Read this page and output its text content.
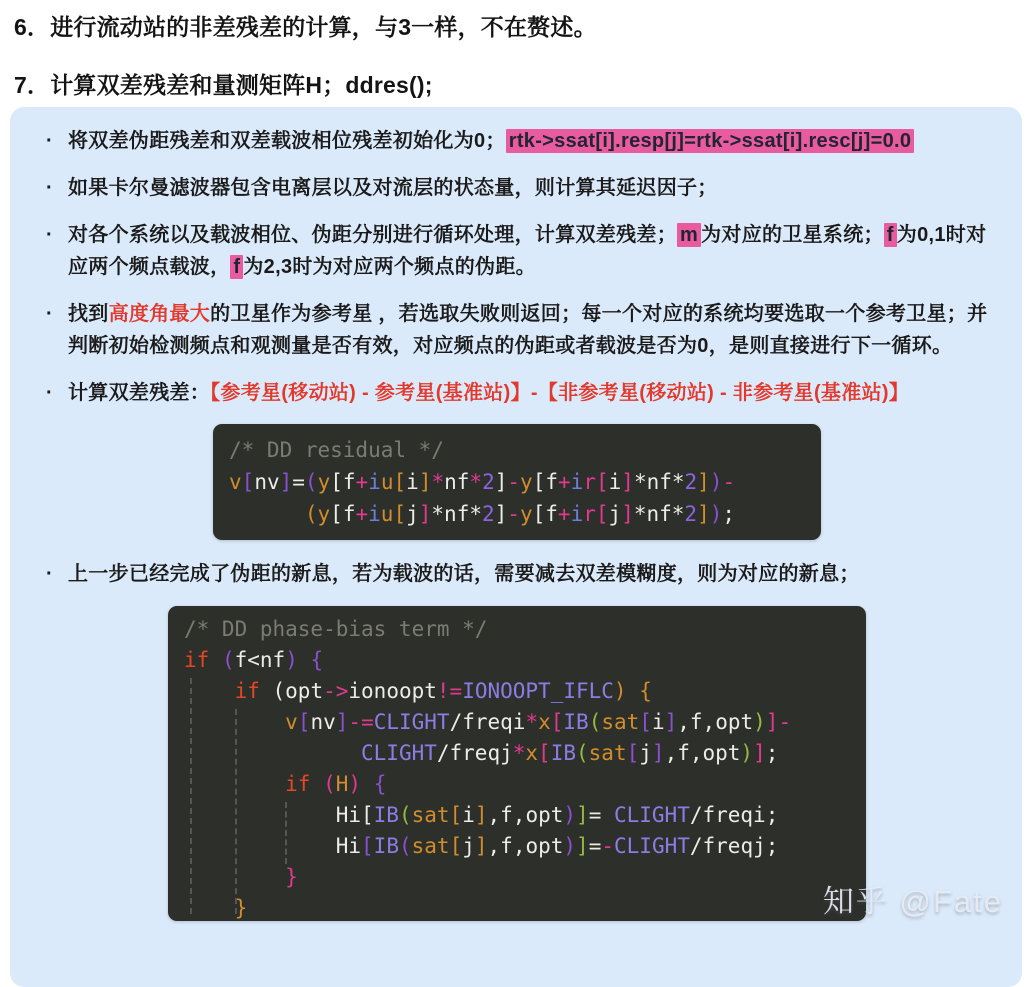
6．进行流动站的非差残差的计算，与3一样，不在赘述。
7．计算双差残差和量测矩阵H；ddres();
· 将双差伪距残差和双差载波相位残差初始化为0； rtk->ssat[i].resp[j]=rtk->ssat[i].resc[j]=0.0
· 如果卡尔曼滤波器包含电离层以及对流层的状态量，则计算其延迟因子；
· 对各个系统以及载波相位、伪距分别进行循环处理，计算双差残差； m 为对应的卫星系统； f 为0,1时对应两个频点载波， f 为2,3时为对应两个频点的伪距。
· 找到高度角最大的卫星作为参考星 ，若选取失败则返回；每一个对应的系统均要选取一个参考卫星；并判断初始检测频点和观测量是否有效，对应频点的伪距或者载波是否为0，是则直接进行下一循环。
· 计算双差残差：【参考星(移动站) - 参考星(基准站)】-【非参考星(移动站) - 非参考星(基准站)】
/* DD residual */
v[nv]=(y[f+iu[i]*nf*2]-y[f+ir[i]*nf*2])-
(y[f+iu[j]*nf*2]-y[f+ir[j]*nf*2]);
· 上一步已经完成了伪距的新息，若为载波的话，需要减去双差模糊度，则为对应的新息；
/* DD phase-bias term */
if (f<nf) {
if (opt->ionoopt!=IONOOPT_IFLC) {
v[nv]-=CLIGHT/freqi*x[IB(sat[i],f,opt)]-
CLIGHT/freqj*x[IB(sat[j],f,opt)];
if (H) {
Hi[IB(sat[i],f,opt)]= CLIGHT/freqi;
Hi[IB(sat[j],f,opt)]=-CLIGHT/freqj;
}
}	知乎 @Fate
